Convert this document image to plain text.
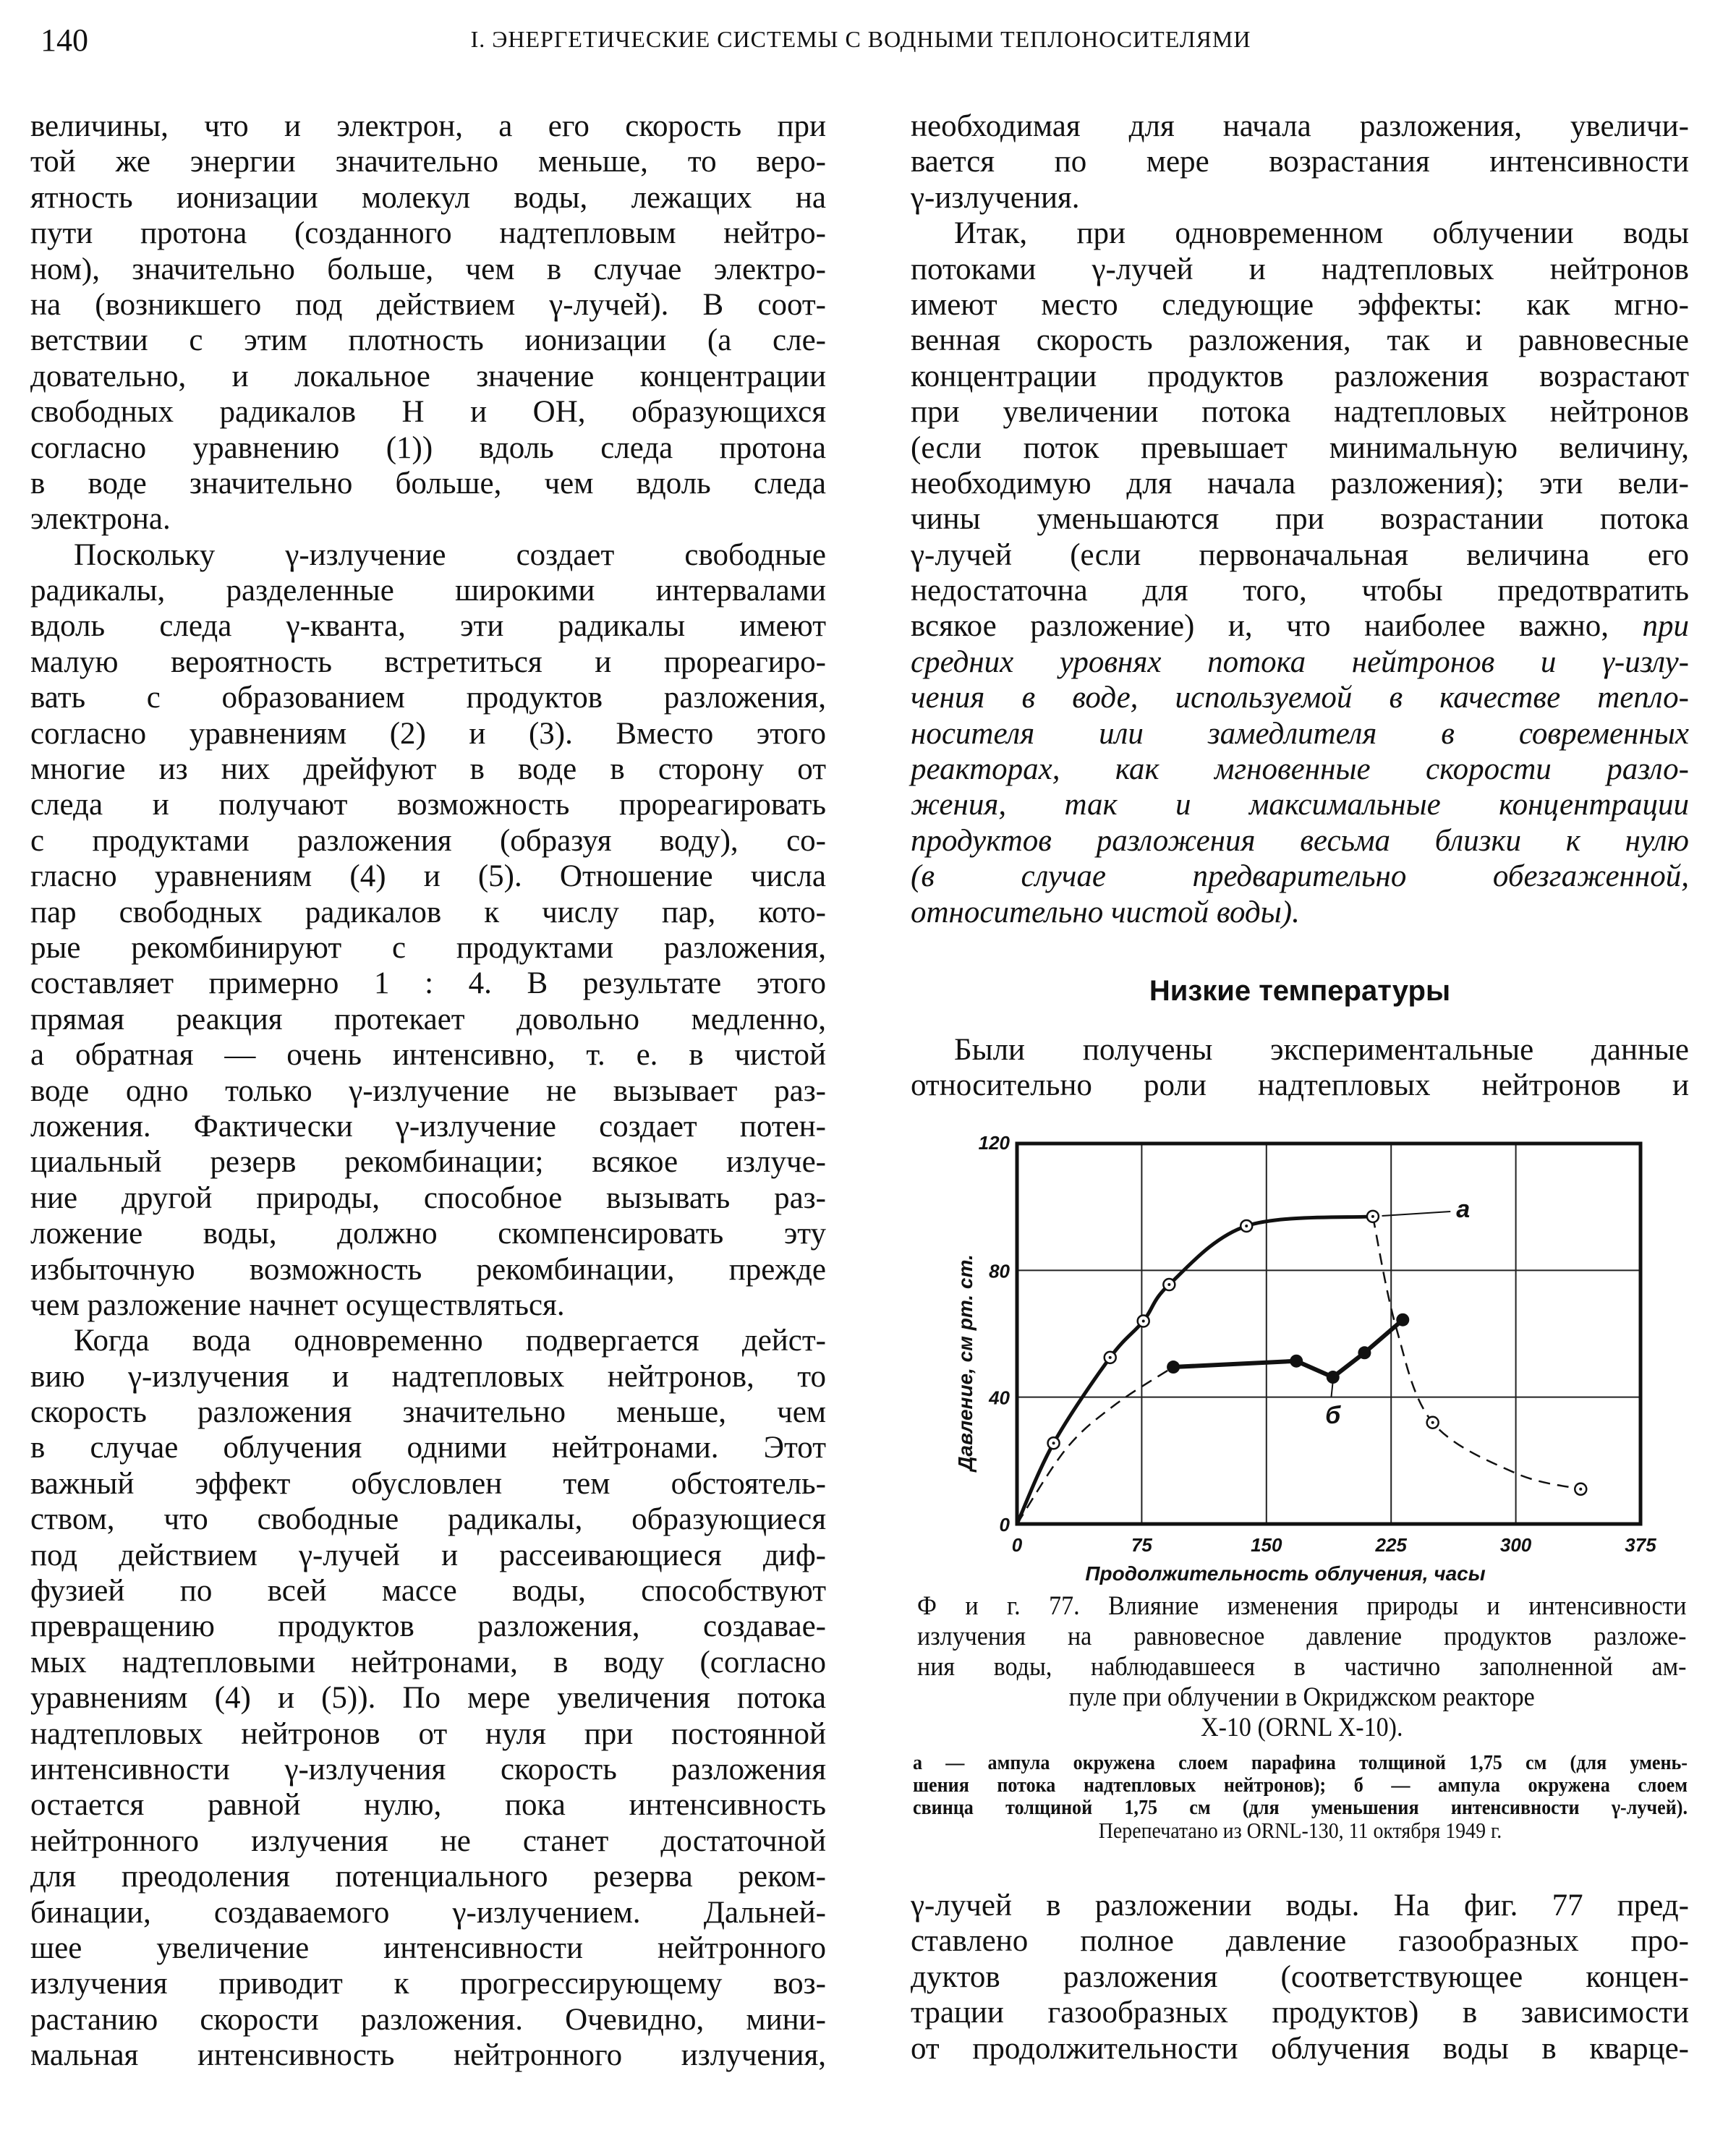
140	I. ЭНЕРГЕТИЧЕСКИЕ СИСТЕМЫ С ВОДНЫМИ ТЕПЛОНОСИТЕЛЯМИ
величины, что и электрон, а его скорость при
той же энергии значительно меньше, то веро-
ятность ионизации молекул воды, лежащих на
пути протона (созданного надтепловым нейтро-
ном), значительно больше, чем в случае электро-
на (возникшего под действием γ-лучей). В соот-
ветствии с этим плотность ионизации (а сле-
довательно, и локальное значение концентрации
свободных радикалов H и OH, образующихся
согласно уравнению (1)) вдоль следа протона
в воде значительно больше, чем вдоль следа
электрона.
Поскольку γ-излучение создает свободные
радикалы, разделенные широкими интервалами
вдоль следа γ-кванта, эти радикалы имеют
малую вероятность встретиться и прореагиро-
вать с образованием продуктов разложения,
согласно уравнениям (2) и (3). Вместо этого
многие из них дрейфуют в воде в сторону от
следа и получают возможность прореагировать
с продуктами разложения (образуя воду), со-
гласно уравнениям (4) и (5). Отношение числа
пар свободных радикалов к числу пар, кото-
рые рекомбинируют с продуктами разложения,
составляет примерно 1 : 4. В результате этого
прямая реакция протекает довольно медленно,
а обратная — очень интенсивно, т. е. в чистой
воде одно только γ-излучение не вызывает раз-
ложения. Фактически γ-излучение создает потен-
циальный резерв рекомбинации; всякое излуче-
ние другой природы, способное вызывать раз-
ложение воды, должно скомпенсировать эту
избыточную возможность рекомбинации, прежде
чем разложение начнет осуществляться.
Когда вода одновременно подвергается дейст-
вию γ-излучения и надтепловых нейтронов, то
скорость разложения значительно меньше, чем
в случае облучения одними нейтронами. Этот
важный эффект обусловлен тем обстоятель-
ством, что свободные радикалы, образующиеся
под действием γ-лучей и рассеивающиеся диф-
фузией по всей массе воды, способствуют
превращению продуктов разложения, создавае-
мых надтепловыми нейтронами, в воду (согласно
уравнениям (4) и (5)). По мере увеличения потока
надтепловых нейтронов от нуля при постоянной
интенсивности γ-излучения скорость разложения
остается равной нулю, пока интенсивность
нейтронного излучения не станет достаточной
для преодоления потенциального резерва реком-
бинации, создаваемого γ-излучением. Дальней-
шее увеличение интенсивности нейтронного
излучения приводит к прогрессирующему воз-
растанию скорости разложения. Очевидно, мини-
мальная интенсивность нейтронного излучения,
необходимая для начала разложения, увеличи-
вается по мере возрастания интенсивности
γ-излучения.
Итак, при одновременном облучении воды
потоками γ-лучей и надтепловых нейтронов
имеют место следующие эффекты: как мгно-
венная скорость разложения, так и равновесные
концентрации продуктов разложения возрастают
при увеличении потока надтепловых нейтронов
(если поток превышает минимальную величину,
необходимую для начала разложения); эти вели-
чины уменьшаются при возрастании потока
γ-лучей (если первоначальная величина его
недостаточна для того, чтобы предотвратить
всякое разложение) и, что наиболее важно, при
средних уровнях потока нейтронов и γ-излу-
чения в воде, используемой в качестве тепло-
носителя или замедлителя в современных
реакторах, как мгновенные скорости разло-
жения, так и максимальные концентрации
продуктов разложения весьма близки к нулю
(в случае предварительно обезгаженной,
относительно чистой воды).
Низкие температуры
Были получены экспериментальные данные
относительно роли надтепловых нейтронов и
0	75	150	225	300	375
0
40
80
120
Продолжительность облучения, часы
Давление, см рт. ст.
а
б
Ф и г. 77. Влияние изменения природы и интенсивности
излучения на равновесное давление продуктов разложе-
ния воды, наблюдавшееся в частично заполненной ам-
пуле при облучении в Окриджском реакторе
X-10 (ORNL X-10).
а — ампула окружена слоем парафина толщиной 1,75 см (для умень-
шения потока надтепловых нейтронов); б — ампула окружена слоем
свинца толщиной 1,75 см (для уменьшения интенсивности γ-лучей).
Перепечатано из ORNL-130, 11 октября 1949 г.
γ-лучей в разложении воды. На фиг. 77 пред-
ставлено полное давление газообразных про-
дуктов разложения (соответствующее концен-
трации газообразных продуктов) в зависимости
от продолжительности облучения воды в кварце-
